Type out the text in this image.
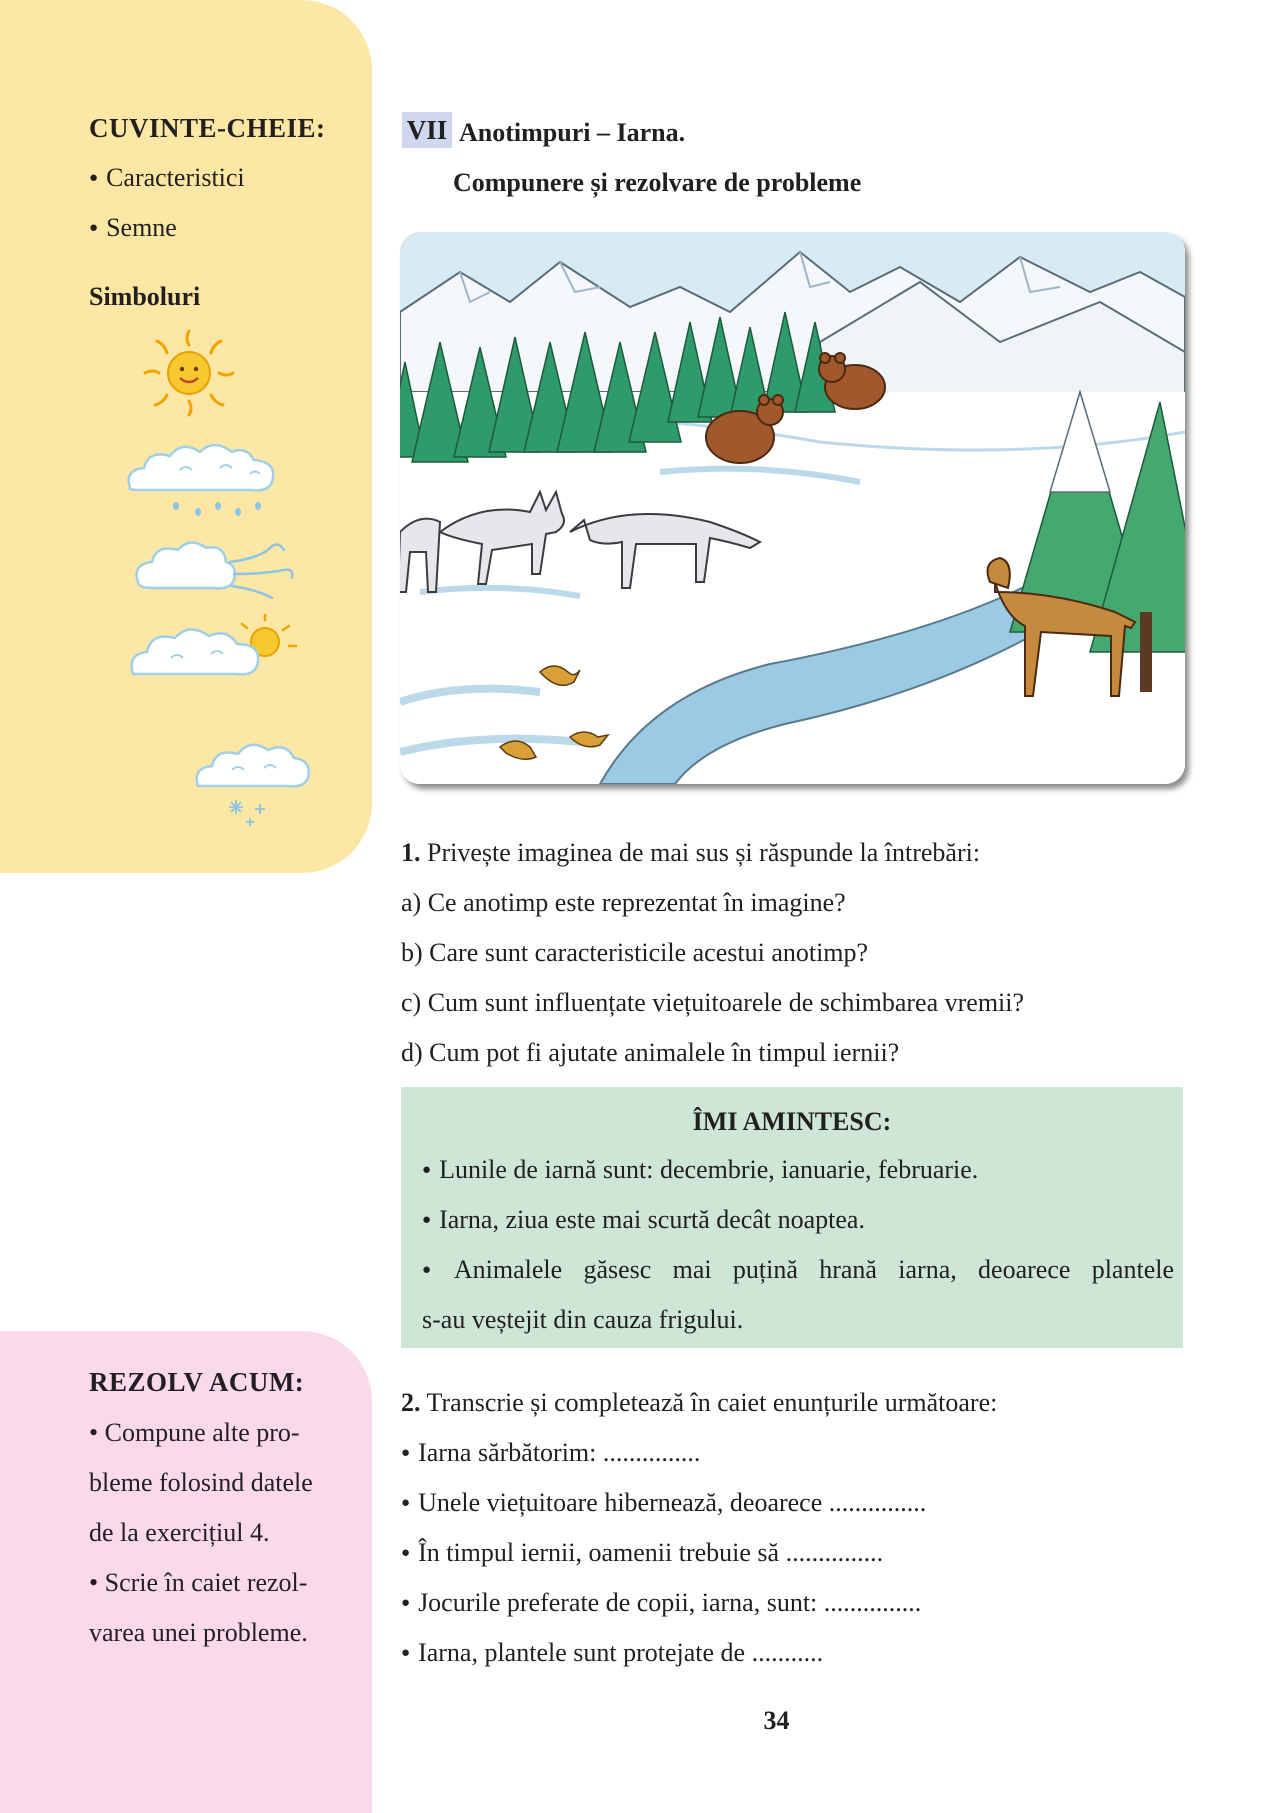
CUVINTE-CHEIE:
● Caracteristici
● Semne
Simboluri
REZOLV ACUM:
• Compune alte pro-
bleme folosind datele
de la exercițiul 4.
• Scrie în caiet rezol-
varea unei probleme.
VII Anotimpuri – Iarna.
Compunere și rezolvare de probleme
1. Privește imaginea de mai sus și răspunde la întrebări:
a) Ce anotimp este reprezentat în imagine?
b) Care sunt caracteristicile acestui anotimp?
c) Cum sunt influențate viețuitoarele de schimbarea vremii?
d) Cum pot fi ajutate animalele în timpul iernii?
ÎMI AMINTESC:
● Lunile de iarnă sunt: decembrie, ianuarie, februarie.
● Iarna, ziua este mai scurtă decât noaptea.
● Animalele găsesc mai puțină hrană iarna, deoarece plantele
s-au veștejit din cauza frigului.
2. Transcrie și completează în caiet enunțurile următoare:
● Iarna sărbătorim: ...............
● Unele viețuitoare hibernează, deoarece ...............
● În timpul iernii, oamenii trebuie să ...............
● Jocurile preferate de copii, iarna, sunt: ...............
● Iarna, plantele sunt protejate de ...........
34
